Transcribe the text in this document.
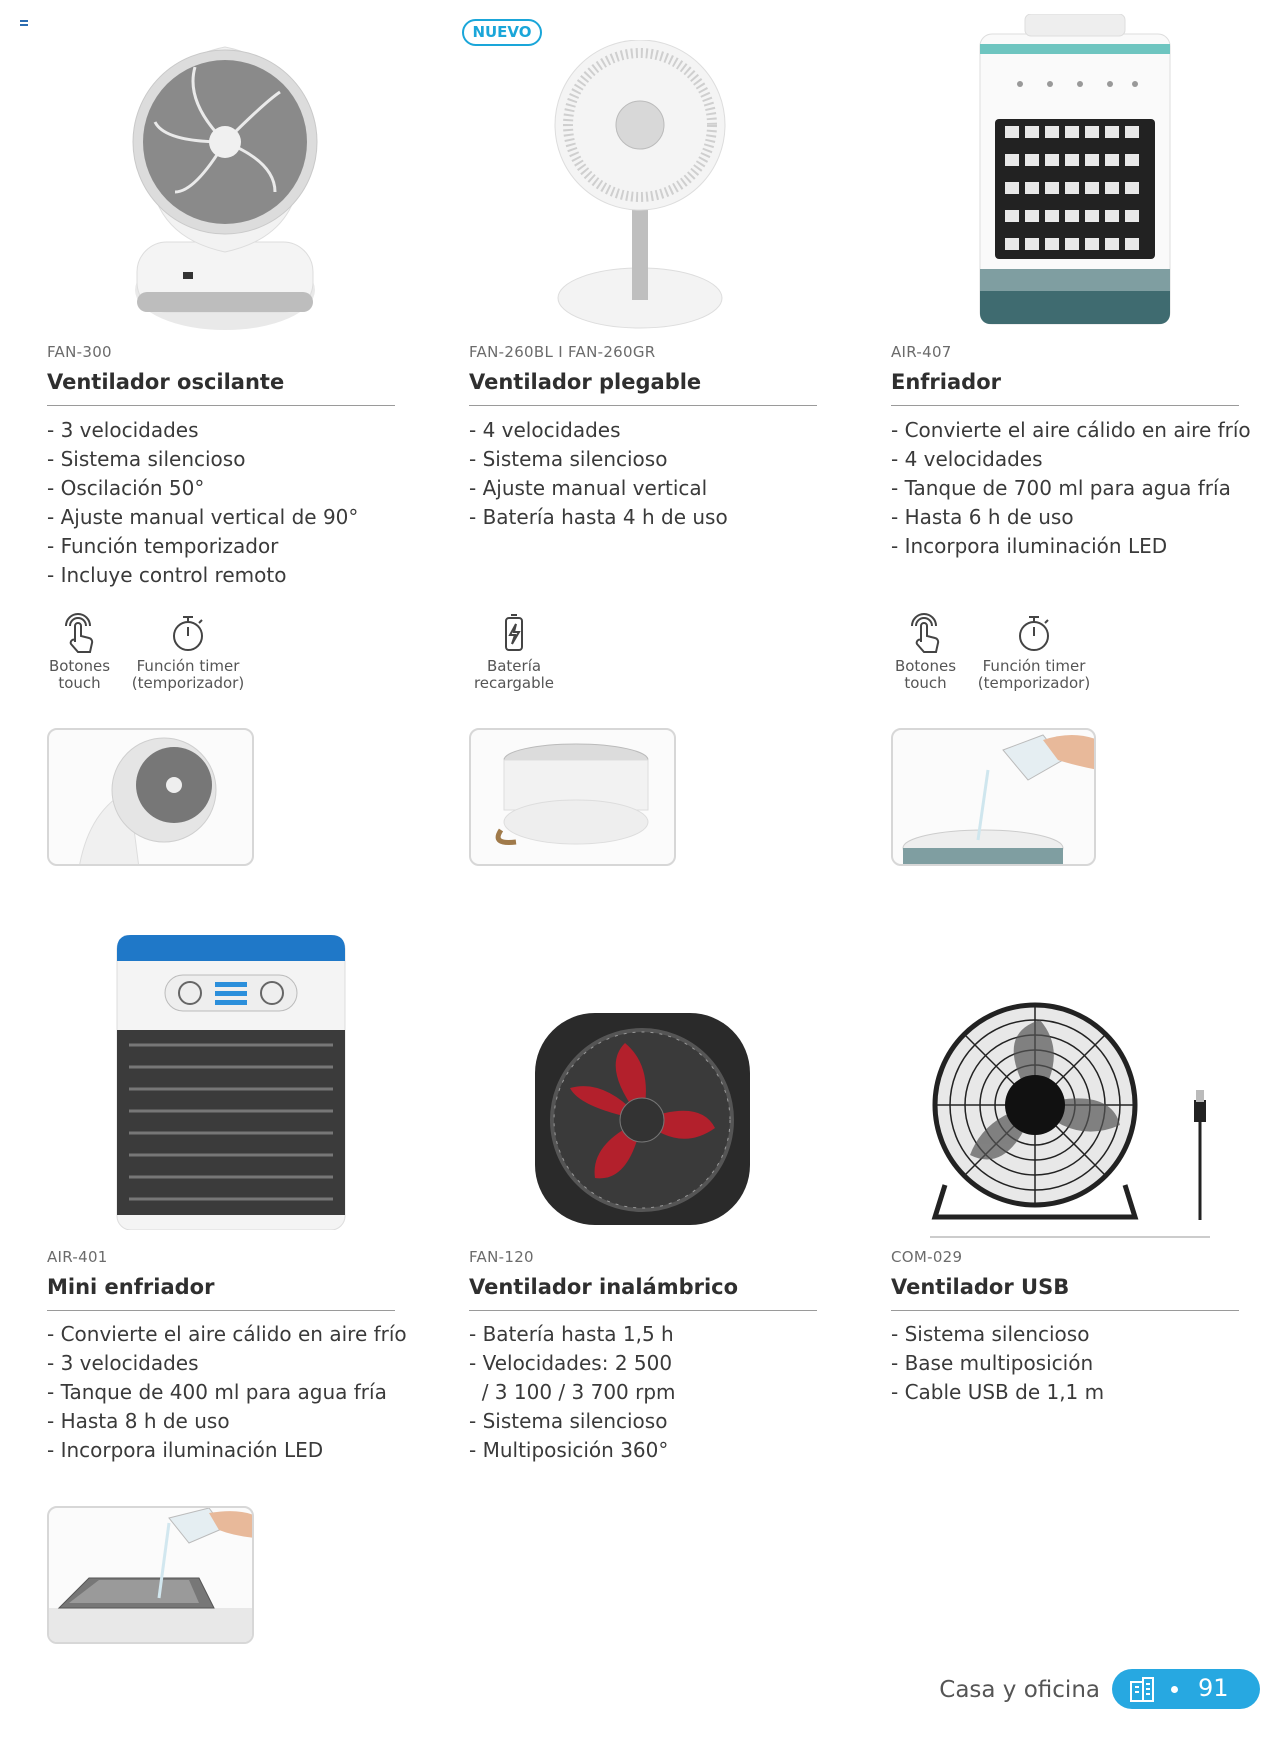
FAN-300
Ventilador oscilante
- 3 velocidades
- Sistema silencioso
- Oscilación 50°
- Ajuste manual vertical de 90°
- Función temporizador
- Incluye control remoto
Botones
touch
Función timer
(temporizador)
NUEVO
FAN-260BL I FAN-260GR
Ventilador plegable
- 4 velocidades
- Sistema silencioso
- Ajuste manual vertical
- Batería hasta 4 h de uso
Batería
recargable
AIR-407
Enfriador
- Convierte el aire cálido en aire frío
- 4 velocidades
- Tanque de 700 ml para agua fría
- Hasta 6 h de uso
- Incorpora iluminación LED
Botones
touch
Función timer
(temporizador)
AIR-401
Mini enfriador
- Convierte el aire cálido en aire frío
- 3 velocidades
- Tanque de 400 ml para agua fría
- Hasta 8 h de uso
- Incorpora iluminación LED
FAN-120
Ventilador inalámbrico
- Batería hasta 1,5 h
- Velocidades: 2 500
/ 3 100 / 3 700 rpm
- Sistema silencioso
- Multiposición 360°
COM-029
Ventilador USB
- Sistema silencioso
- Base multiposición
- Cable USB de 1,1 m
Casa y oficina	91
